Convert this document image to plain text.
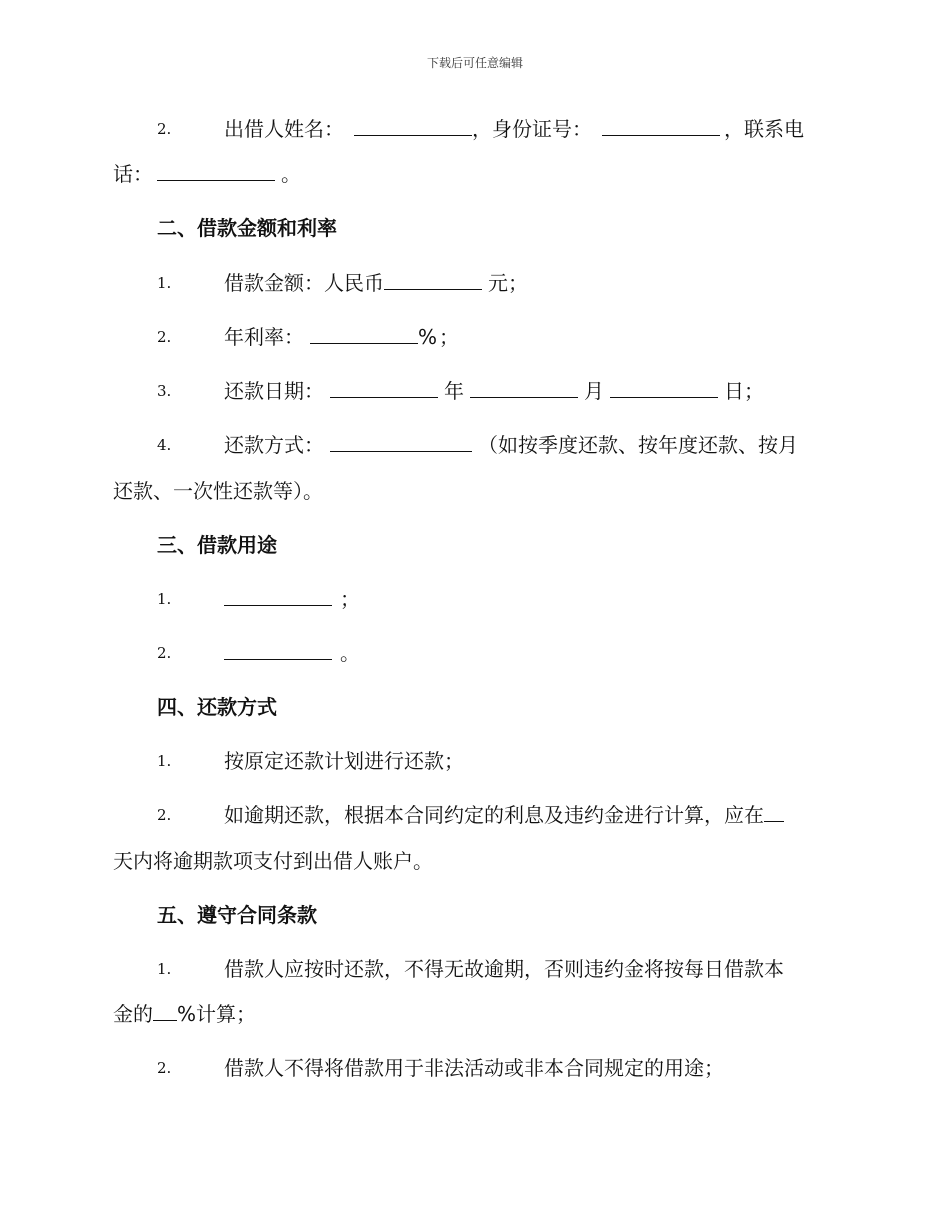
下载后可任意编辑
2.	出借人姓名：	，身份证号：	，联系电
话：	。
二、借款金额和利率
1.	借款金额：人民币	元；
2.	年利率：	% ；
3.	还款日期：	年	月	日；
4.	还款方式：	（如按季度还款、按年度还款、按月
还款、一次性还款等）。
三、借款用途
1.	；
2.	。
四、还款方式
1.	按原定还款计划进行还款；
2.	如逾期还款，根据本合同约定的利息及违约金进行计算，应在
天内将逾期款项支付到出借人账户。
五、遵守合同条款
1.	借款人应按时还款，不得无故逾期，否则违约金将按每日借款本
金的 %计算；
2.	借款人不得将借款用于非法活动或非本合同规定的用途；
